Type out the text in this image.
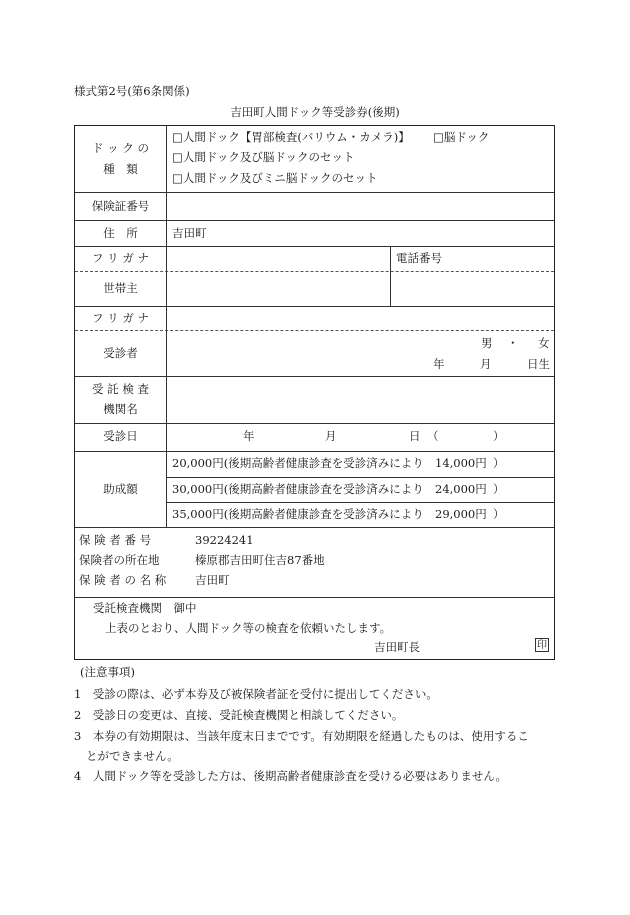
様式第2号(第6条関係)
吉田町人間ドック等受診券(後期)
ド ッ ク の
種　類
□人間ドック【胃部検査(バリウム・カメラ)】 □脳ドック
□人間ドック及び脳ドックのセット
□人間ドック及びミニ脳ドックのセット
保険証番号
住　所	吉田町
フ リ ガ ナ	電話番号
世帯主
フ リ ガ ナ
受診者
男 ・ 女
年	月	日生
受 託 検 査
機関名
受診日	年	月	日 （	）
助成額
20,000円(後期高齢者健康診査を受診済みにより 14,000円 ）
30,000円(後期高齢者健康診査を受診済みにより 24,000円 ）
35,000円(後期高齢者健康診査を受診済みにより 29,000円 ）
保 険 者 番 号	39224241
保険者の所在地	榛原郡吉田町住吉87番地
保 険 者 の 名 称 吉田町
受託検査機関　御中
上表のとおり、人間ドック等の検査を依頼いたします。
吉田町長	印
(注意事項)
1　受診の際は、必ず本券及び被保険者証を受付に提出してください。
2　受診日の変更は、直接、受託検査機関と相談してください。
3　本券の有効期限は、当該年度末日までです。有効期限を経過したものは、使用するこ
とができません。
4　人間ドック等を受診した方は、後期高齢者健康診査を受ける必要はありません。
